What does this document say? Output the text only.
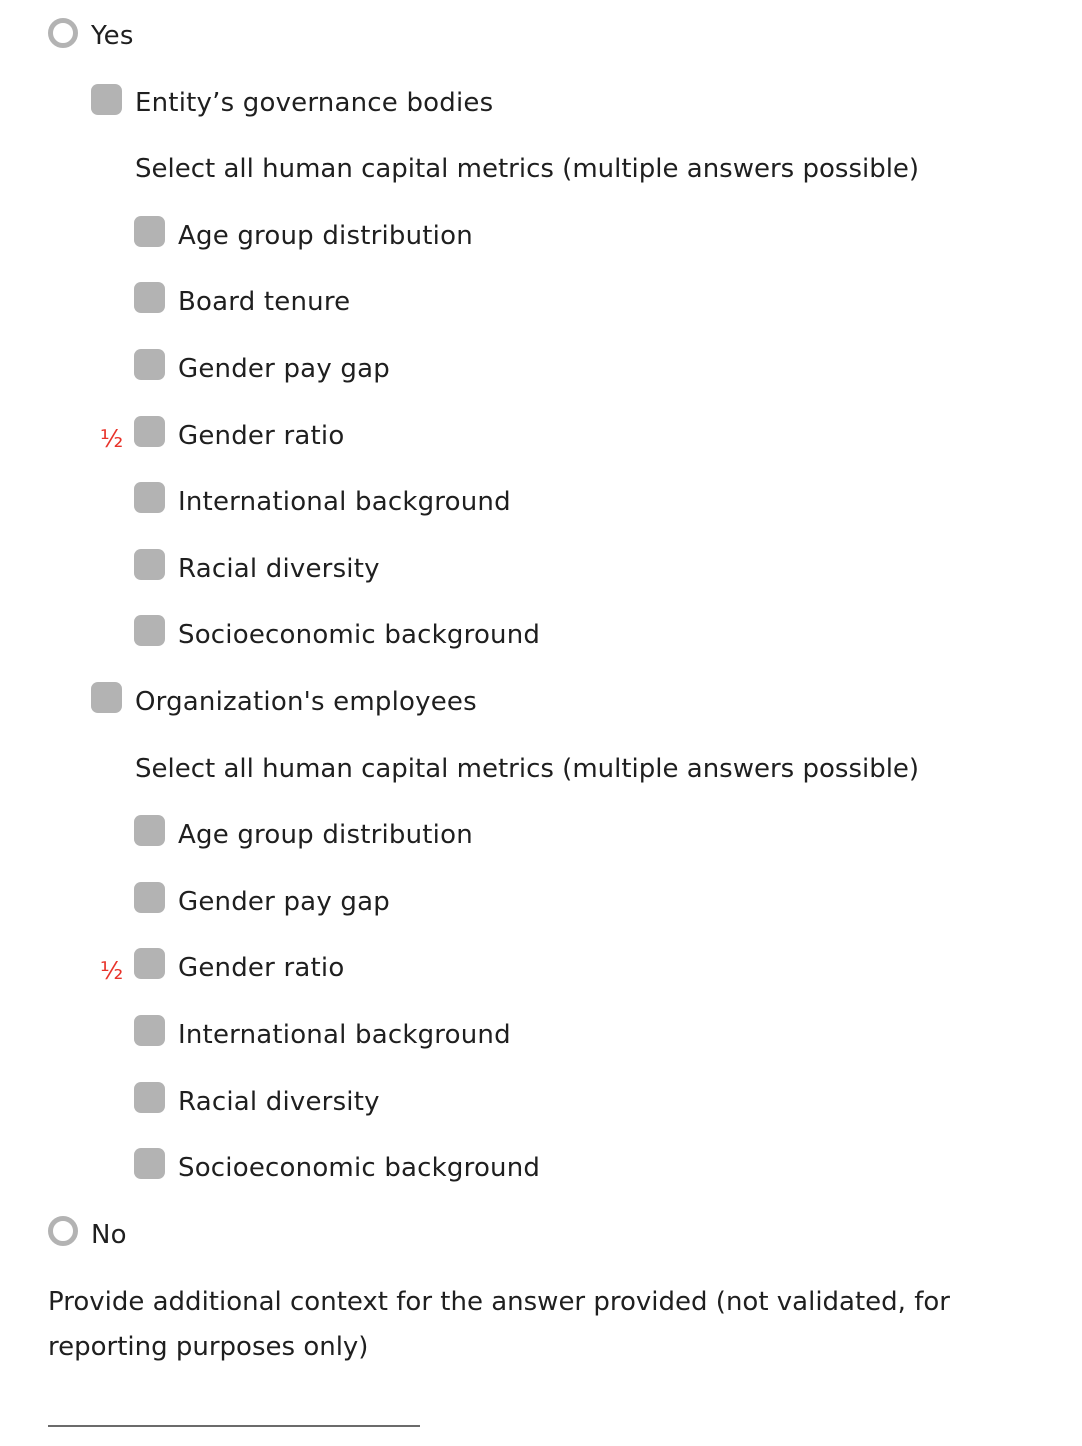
Yes
Entity’s governance bodies
Select all human capital metrics (multiple answers possible)
Age group distribution
Board tenure
Gender pay gap
½ Gender ratio
International background
Racial diversity
Socioeconomic background
Organization's employees
Select all human capital metrics (multiple answers possible)
Age group distribution
Gender pay gap
½ Gender ratio
International background
Racial diversity
Socioeconomic background
No
Provide additional context for the answer provided (not validated, for reporting purposes only)
